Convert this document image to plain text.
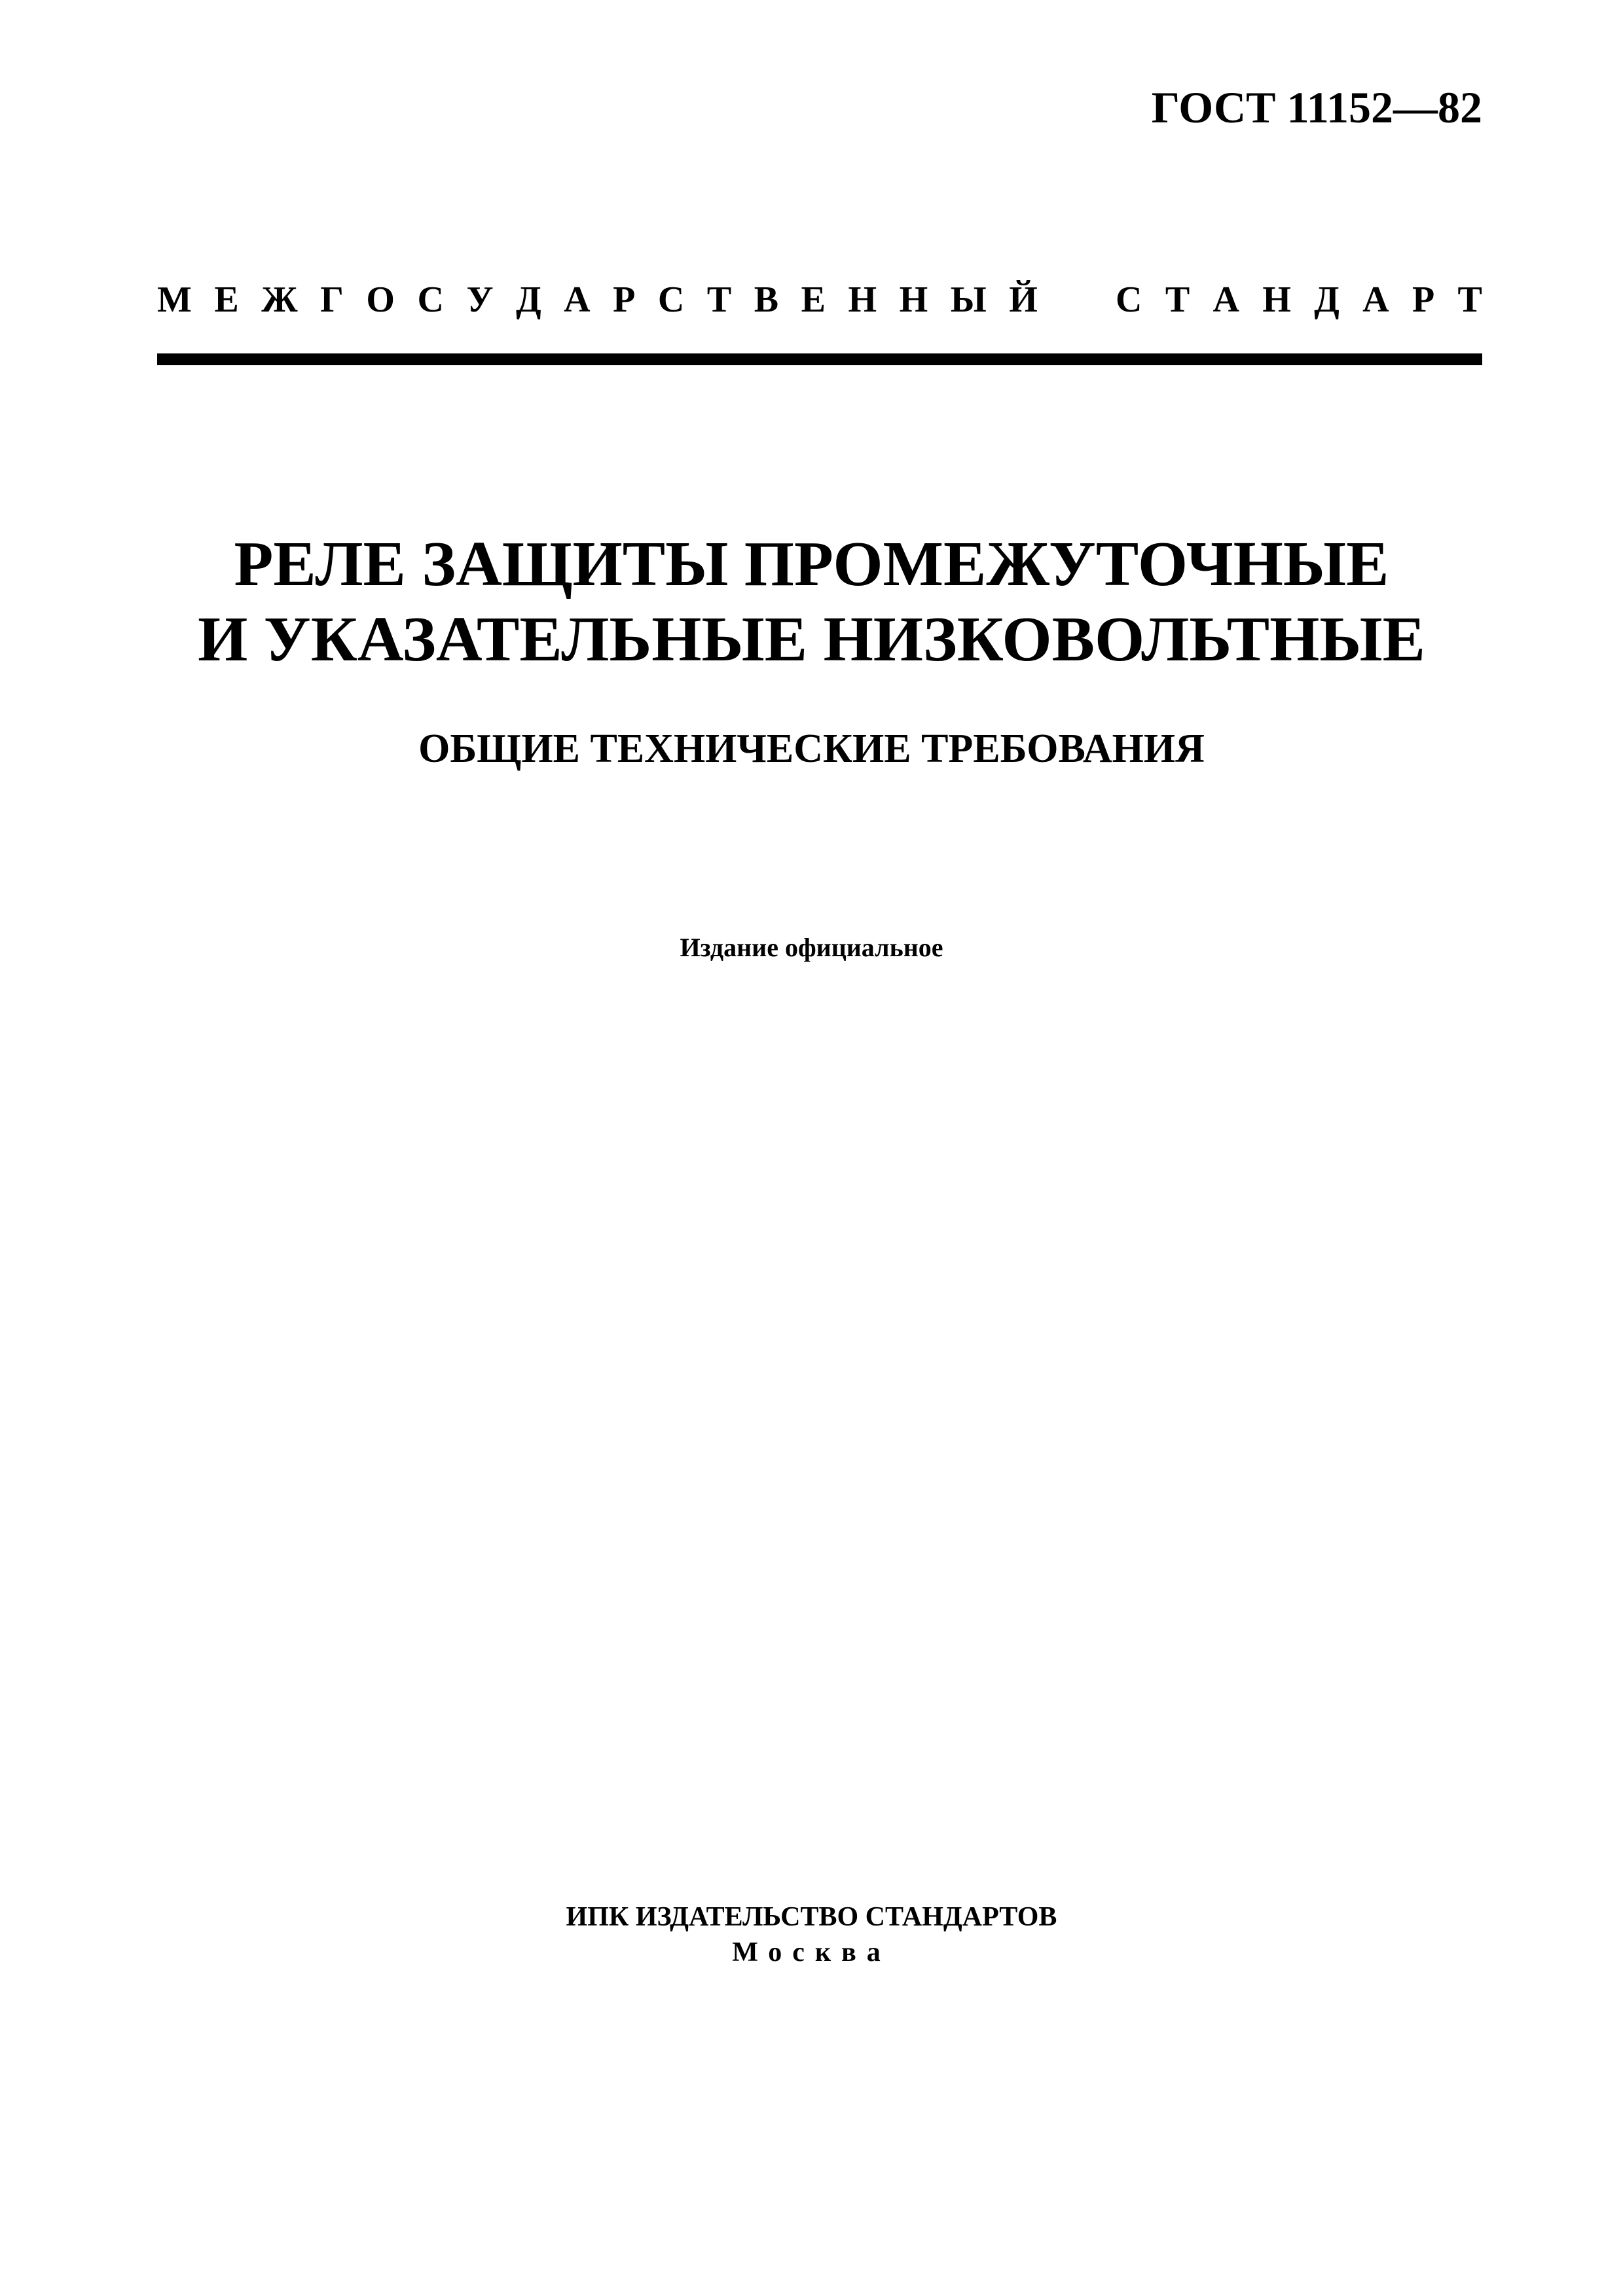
ГОСТ 11152—82
М Е Ж Г О С У Д А Р С Т В Е Н Н Ы Й С Т А Н Д А Р Т
РЕЛЕ ЗАЩИТЫ ПРОМЕЖУТОЧНЫЕ
И УКАЗАТЕЛЬНЫЕ НИЗКОВОЛЬТНЫЕ
ОБЩИЕ ТЕХНИЧЕСКИЕ ТРЕБОВАНИЯ
Издание официальное
ИПК ИЗДАТЕЛЬСТВО СТАНДАРТОВ
Москва
